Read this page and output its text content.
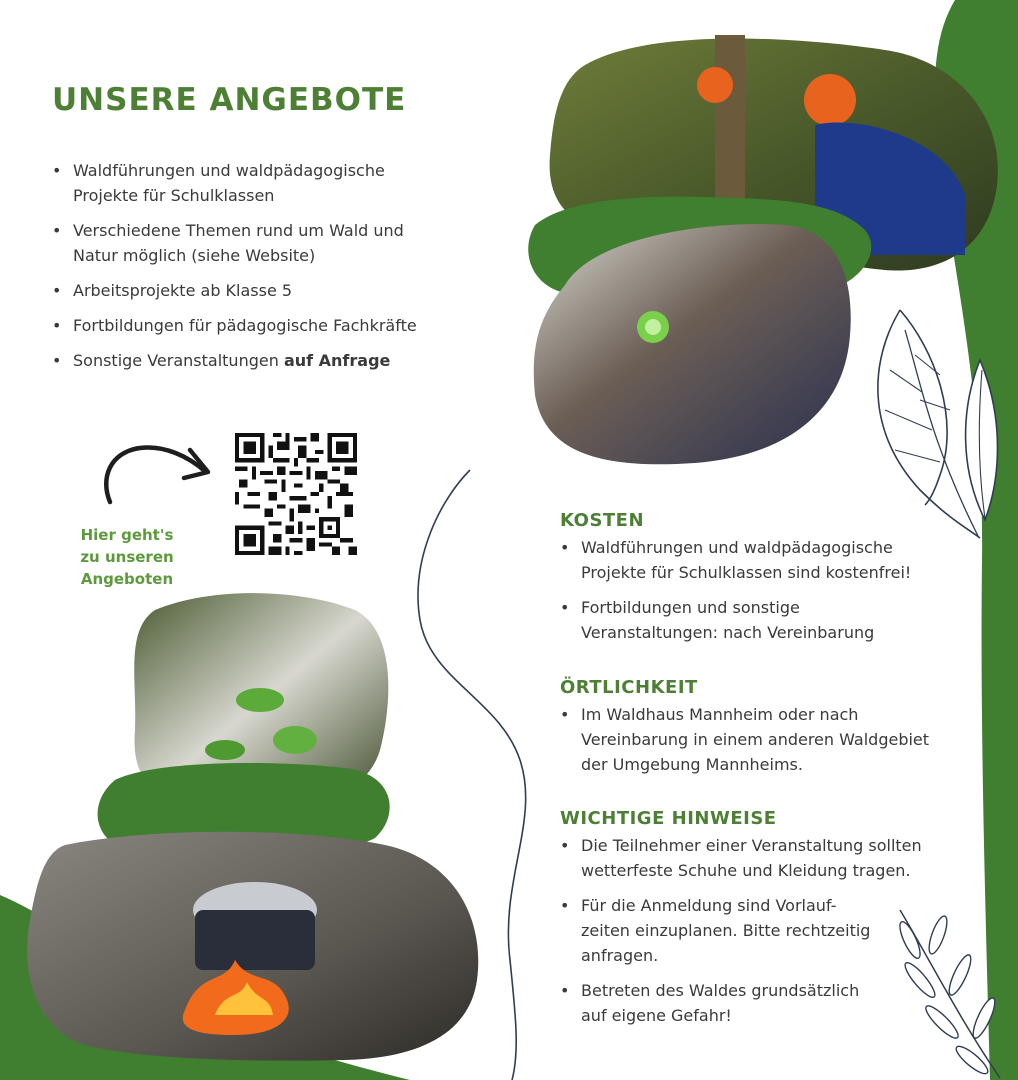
UNSERE ANGEBOTE
• Waldführungen und waldpädagogische Projekte für Schulklassen
• Verschiedene Themen rund um Wald und Natur möglich (siehe Website)
• Arbeitsprojekte ab Klasse 5
• Fortbildungen für pädagogische Fachkräfte
• Sonstige Veranstaltungen auf Anfrage
Hier geht's
zu unseren
Angeboten
KOSTEN
• Waldführungen und waldpädagogische Projekte für Schulklassen sind kostenfrei!
• Fortbildungen und sonstige Veranstaltungen: nach Vereinbarung
ÖRTLICHKEIT
• Im Waldhaus Mannheim oder nach Vereinbarung in einem anderen Waldgebiet der Umgebung Mannheims.
WICHTIGE HINWEISE
• Die Teilnehmer einer Veranstaltung sollten wetterfeste Schuhe und Kleidung tragen.
• Für die Anmeldung sind Vorlauf-zeiten einzuplanen. Bitte rechtzeitig anfragen.
• Betreten des Waldes grundsätzlich auf eigene Gefahr!
